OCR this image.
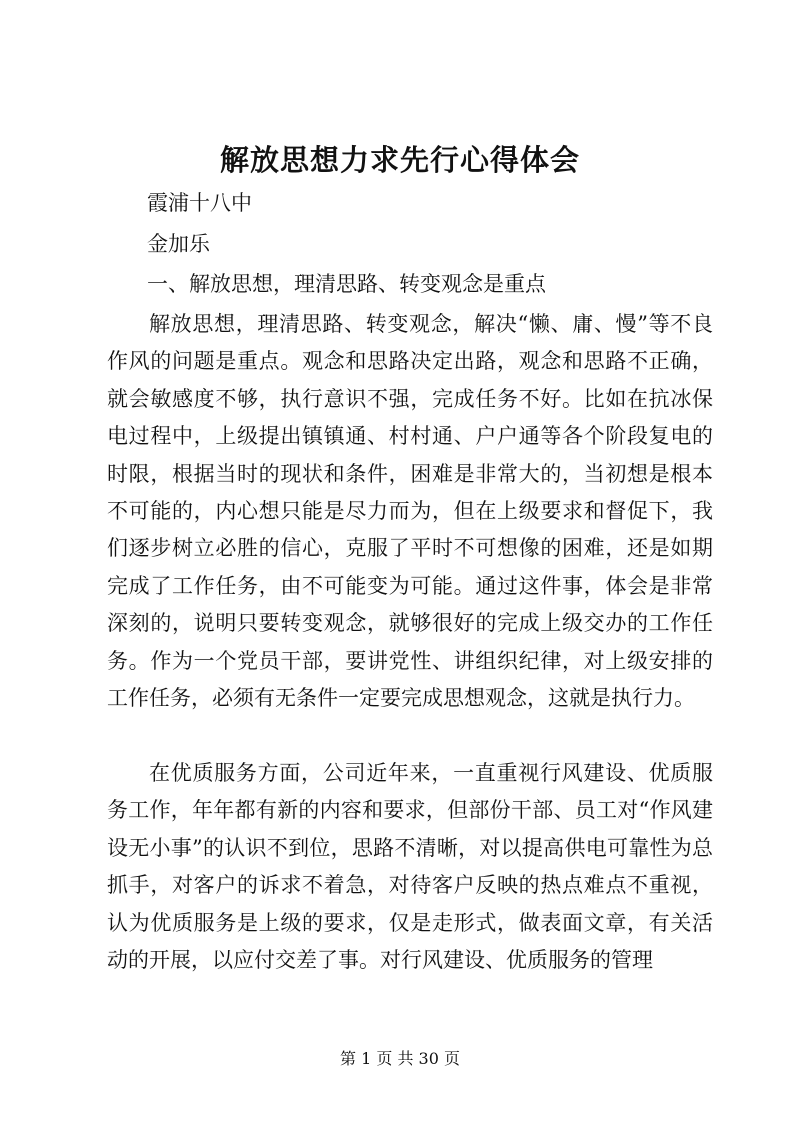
解放思想力求先行心得体会
霞浦十八中
金加乐
一、解放思想，理清思路、转变观念是重点

解放思想，理清思路、转变观念，解决“懒、庸、慢”等不良作风的问题是重点。观念和思路决定出路，观念和思路不正确，就会敏感度不够，执行意识不强，完成任务不好。比如在抗冰保电过程中，上级提出镇镇通、村村通、户户通等各个阶段复电的时限，根据当时的现状和条件，困难是非常大的，当初想是根本不可能的，内心想只能是尽力而为，但在上级要求和督促下，我们逐步树立必胜的信心，克服了平时不可想像的困难，还是如期完成了工作任务，由不可能变为可能。通过这件事，体会是非常深刻的，说明只要转变观念，就够很好的完成上级交办的工作任务。作为一个党员干部，要讲党性、讲组织纪律，对上级安排的工作任务，必须有无条件一定要完成思想观念，这就是执行力。

在优质服务方面，公司近年来，一直重视行风建设、优质服务工作，年年都有新的内容和要求，但部份干部、员工对“作风建设无小事”的认识不到位，思路不清晰，对以提高供电可靠性为总抓手，对客户的诉求不着急，对待客户反映的热点难点不重视，认为优质服务是上级的要求，仅是走形式，做表面文章，有关活动的开展，以应付交差了事。对行风建设、优质服务的管理

第 1 页 共 30 页
